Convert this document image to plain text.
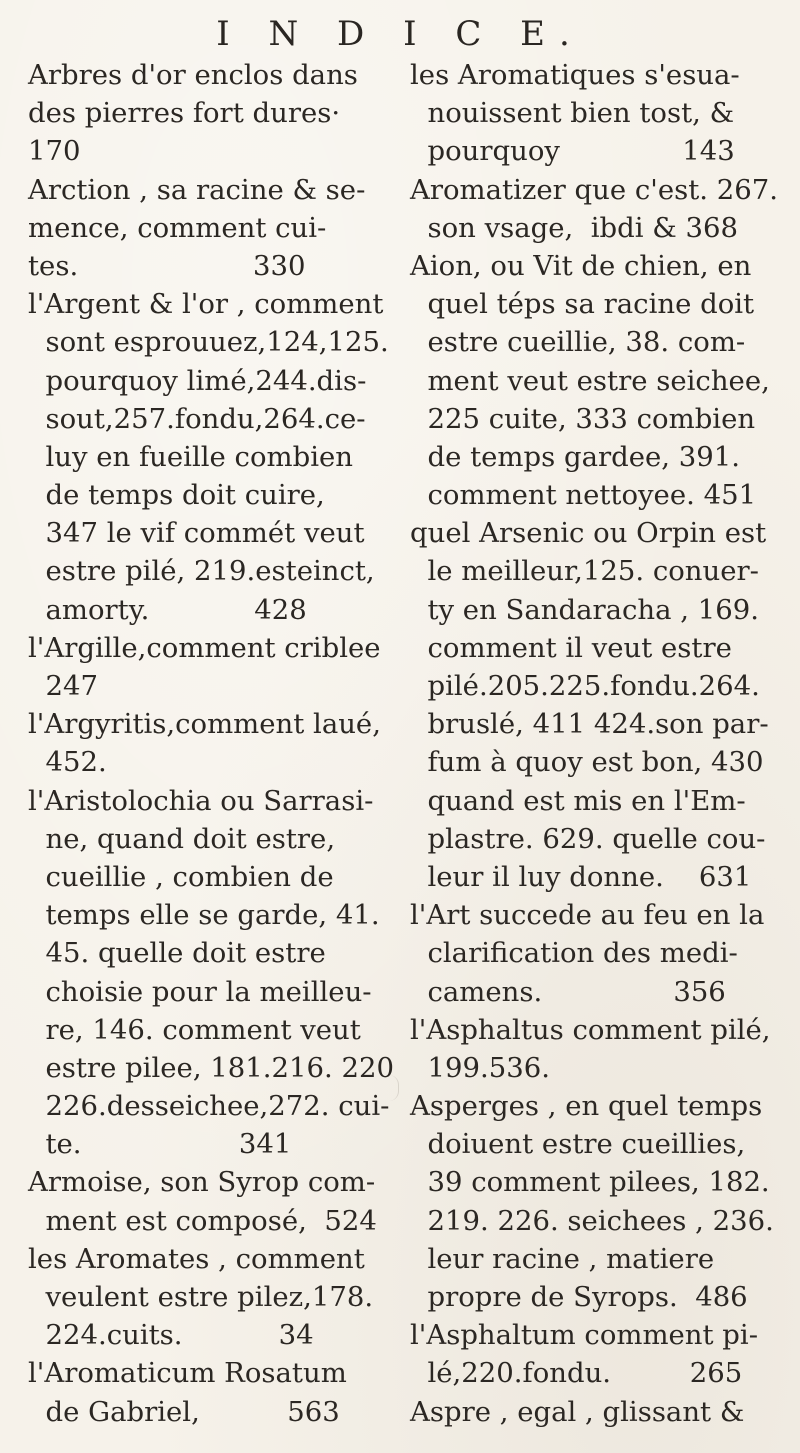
I N D I C E.
Arbres d'or enclos dans
des pierres fort dures·
170
Arction , sa racine & se-
mence, comment cui-
tes.                    330
l'Argent & l'or , comment
sont esprouuez,124,125.
pourquoy limé,244.dis-
sout,257.fondu,264.ce-
luy en fueille combien
de temps doit cuire,
347 le vif commét veut
estre pilé, 219.esteinct,
amorty.            428
l'Argille,comment criblee
247
l'Argyritis,comment laué,
452.
l'Aristolochia ou Sarrasi-
ne, quand doit estre,
cueillie , combien de
temps elle se garde, 41.
45. quelle doit estre
choisie pour la meilleu-
re, 146. comment veut
estre pilee, 181.216. 220
226.desseichee,272. cui-
te.                  341
Armoise, son Syrop com-
ment est composé,  524
les Aromates , comment
veulent estre pilez,178.
224.cuits.           34
l'Aromaticum Rosatum
de Gabriel,          563
les Aromatiques s'esua-
nouissent bien tost, &
pourquoy              143
Aromatizer que c'est. 267.
son vsage,  ibdi & 368
Aion, ou Vit de chien, en
quel téps sa racine doit
estre cueillie, 38. com-
ment veut estre seichee,
225 cuite, 333 combien
de temps gardee, 391.
comment nettoyee. 451
quel Arsenic ou Orpin est
le meilleur,125. conuer-
ty en Sandaracha , 169.
comment il veut estre
pilé.205.225.fondu.264.
bruslé, 411 424.son par-
fum à quoy est bon, 430
quand est mis en l'Em-
plastre. 629. quelle cou-
leur il luy donne.    631
l'Art succede au feu en la
clarification des medi-
camens.               356
l'Asphaltus comment pilé,
199.536.
Asperges , en quel temps
doiuent estre cueillies,
39 comment pilees, 182.
219. 226. seichees , 236.
leur racine , matiere
propre de Syrops.  486
l'Asphaltum comment pi-
lé,220.fondu.         265
Aspre , egal , glissant &
